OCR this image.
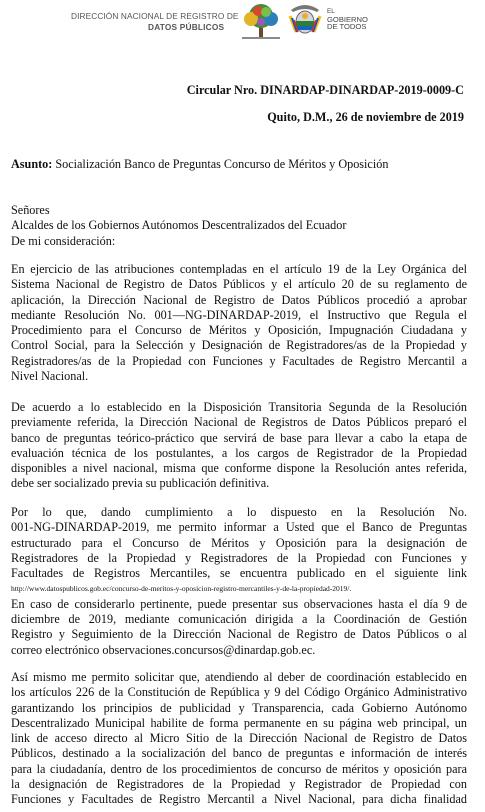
DIRECCIÓN NACIONAL DE REGISTRO DE
DATOS PÚBLICOS
EL
GOBIERNO
DE TODOS
Circular Nro. DINARDAP-DINARDAP-2019-0009-C
Quito, D.M., 26 de noviembre de 2019
Asunto: Socialización Banco de Preguntas Concurso de Méritos y Oposición
Señores
Alcaldes de los Gobiernos Autónomos Descentralizados del Ecuador
De mi consideración:
En ejercicio de las atribuciones contempladas en el artículo 19 de la Ley Orgánica del
Sistema Nacional de Registro de Datos Públicos y el artículo 20 de su reglamento de
aplicación, la Dirección Nacional de Registro de Datos Públicos procedió a aprobar
mediante Resolución No. 001—NG-DINARDAP-2019, el Instructivo que Regula el
Procedimiento para el Concurso de Méritos y Oposición, Impugnación Ciudadana y
Control Social, para la Selección y Designación de Registradores/as de la Propiedad y
Registradores/as de la Propiedad con Funciones y Facultades de Registro Mercantil a
Nivel Nacional.
De acuerdo a lo establecido en la Disposición Transitoria Segunda de la Resolución
previamente referida, la Dirección Nacional de Registros de Datos Públicos preparó el
banco de preguntas teórico-práctico que servirá de base para llevar a cabo la etapa de
evaluación técnica de los postulantes, a los cargos de Registrador de la Propiedad
disponibles a nivel nacional, misma que conforme dispone la Resolución antes referida,
debe ser socializado previa su publicación definitiva.
Por lo que, dando cumplimiento a lo dispuesto en la Resolución No.
001-NG-DINARDAP-2019, me permito informar a Usted que el Banco de Preguntas
estructurado para el Concurso de Méritos y Oposición para la designación de
Registradores de la Propiedad y Registradores de la Propiedad con Funciones y
Facultades de Registros Mercantiles, se encuentra publicado en el siguiente link
http://www.datospublicos.gob.ec/concurso-de-meritos-y-oposicion-registro-mercantiles-y-de-la-propiedad-2019/.
En caso de considerarlo pertinente, puede presentar sus observaciones hasta el día 9 de
diciembre de 2019, mediante comunicación dirigida a la Coordinación de Gestión
Registro y Seguimiento de la Dirección Nacional de Registro de Datos Públicos o al
correo electrónico observaciones.concursos@dinardap.gob.ec.
Así mismo me permito solicitar que, atendiendo al deber de coordinación establecido en
los artículos 226 de la Constitución de República y 9 del Código Orgánico Administrativo
garantizando los principios de publicidad y Transparencia, cada Gobierno Autónomo
Descentralizado Municipal habilite de forma permanente en su página web principal, un
link de acceso directo al Micro Sitio de la Dirección Nacional de Registro de Datos
Públicos, destinado a la socialización del banco de preguntas e información de interés
para la ciudadanía, dentro de los procedimientos de concurso de méritos y oposición para
la designación de Registradores de la Propiedad y Registrador de Propiedad con
Funciones y Facultades de Registro Mercantil a Nivel Nacional, para dicha finalidad
